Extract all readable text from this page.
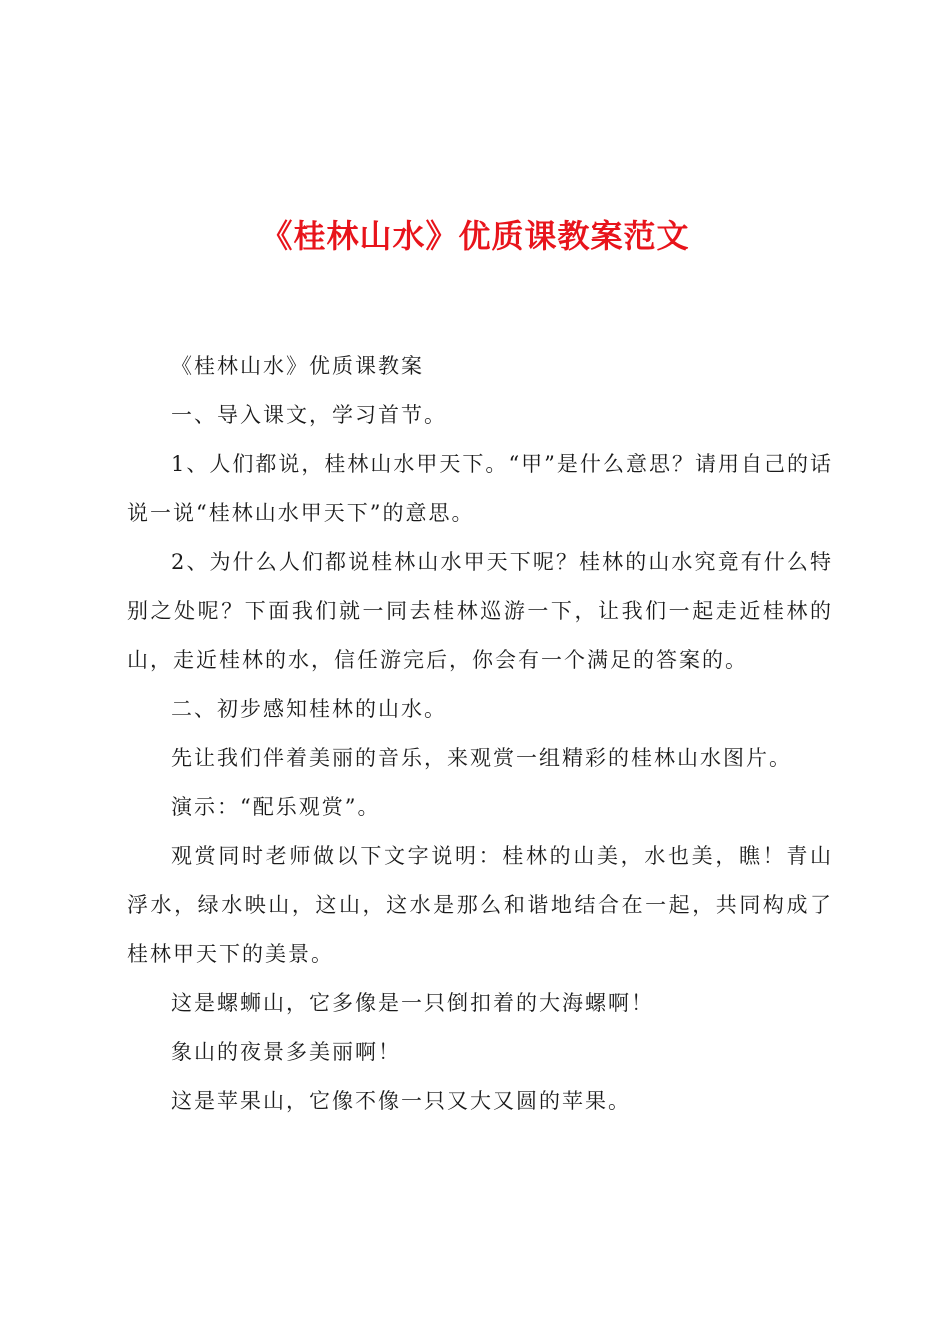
《桂林山水》优质课教案范文

《桂林山水》优质课教案

一、导入课文，学习首节。

1、人们都说，桂林山水甲天下。“甲”是什么意思？请用自己的话说一说“桂林山水甲天下”的意思。

2、为什么人们都说桂林山水甲天下呢？桂林的山水究竟有什么特别之处呢？下面我们就一同去桂林巡游一下，让我们一起走近桂林的山，走近桂林的水，信任游完后，你会有一个满足的答案的。

二、初步感知桂林的山水。

先让我们伴着美丽的音乐，来观赏一组精彩的桂林山水图片。

演示：“配乐观赏”。

观赏同时老师做以下文字说明：桂林的山美，水也美，瞧！青山浮水，绿水映山，这山，这水是那么和谐地结合在一起，共同构成了桂林甲天下的美景。

这是螺蛳山，它多像是一只倒扣着的大海螺啊！

象山的夜景多美丽啊！

这是苹果山，它像不像一只又大又圆的苹果。
